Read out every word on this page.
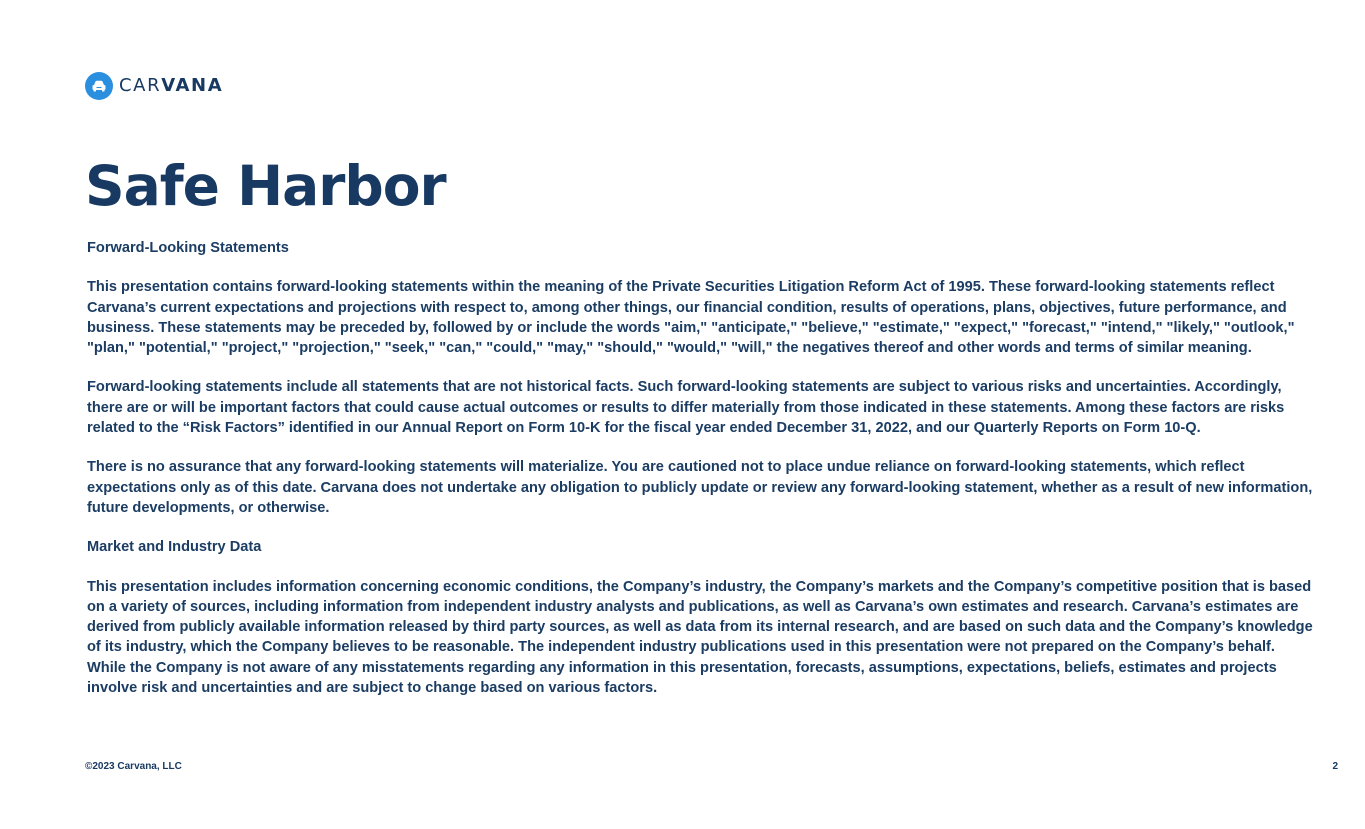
CARVANA
Safe Harbor

Forward-Looking Statements

This presentation contains forward-looking statements within the meaning of the Private Securities Litigation Reform Act of 1995. These forward-looking statements reflect Carvana’s current expectations and projections with respect to, among other things, our financial condition, results of operations, plans, objectives, future performance, and business. These statements may be preceded by, followed by or include the words "aim," "anticipate," "believe," "estimate," "expect," "forecast," "intend," "likely," "outlook," "plan," "potential," "project," "projection," "seek," "can," "could," "may," "should," "would," "will," the negatives thereof and other words and terms of similar meaning.

Forward-looking statements include all statements that are not historical facts. Such forward-looking statements are subject to various risks and uncertainties. Accordingly, there are or will be important factors that could cause actual outcomes or results to differ materially from those indicated in these statements. Among these factors are risks related to the “Risk Factors” identified in our Annual Report on Form 10-K for the fiscal year ended December 31, 2022, and our Quarterly Reports on Form 10-Q.

There is no assurance that any forward-looking statements will materialize. You are cautioned not to place undue reliance on forward-looking statements, which reflect expectations only as of this date. Carvana does not undertake any obligation to publicly update or review any forward-looking statement, whether as a result of new information, future developments, or otherwise.

Market and Industry Data

This presentation includes information concerning economic conditions, the Company’s industry, the Company’s markets and the Company’s competitive position that is based on a variety of sources, including information from independent industry analysts and publications, as well as Carvana’s own estimates and research. Carvana’s estimates are derived from publicly available information released by third party sources, as well as data from its internal research, and are based on such data and the Company’s knowledge of its industry, which the Company believes to be reasonable. The independent industry publications used in this presentation were not prepared on the Company’s behalf. While the Company is not aware of any misstatements regarding any information in this presentation, forecasts, assumptions, expectations, beliefs, estimates and projects involve risk and uncertainties and are subject to change based on various factors.

©2023 Carvana, LLC	2
